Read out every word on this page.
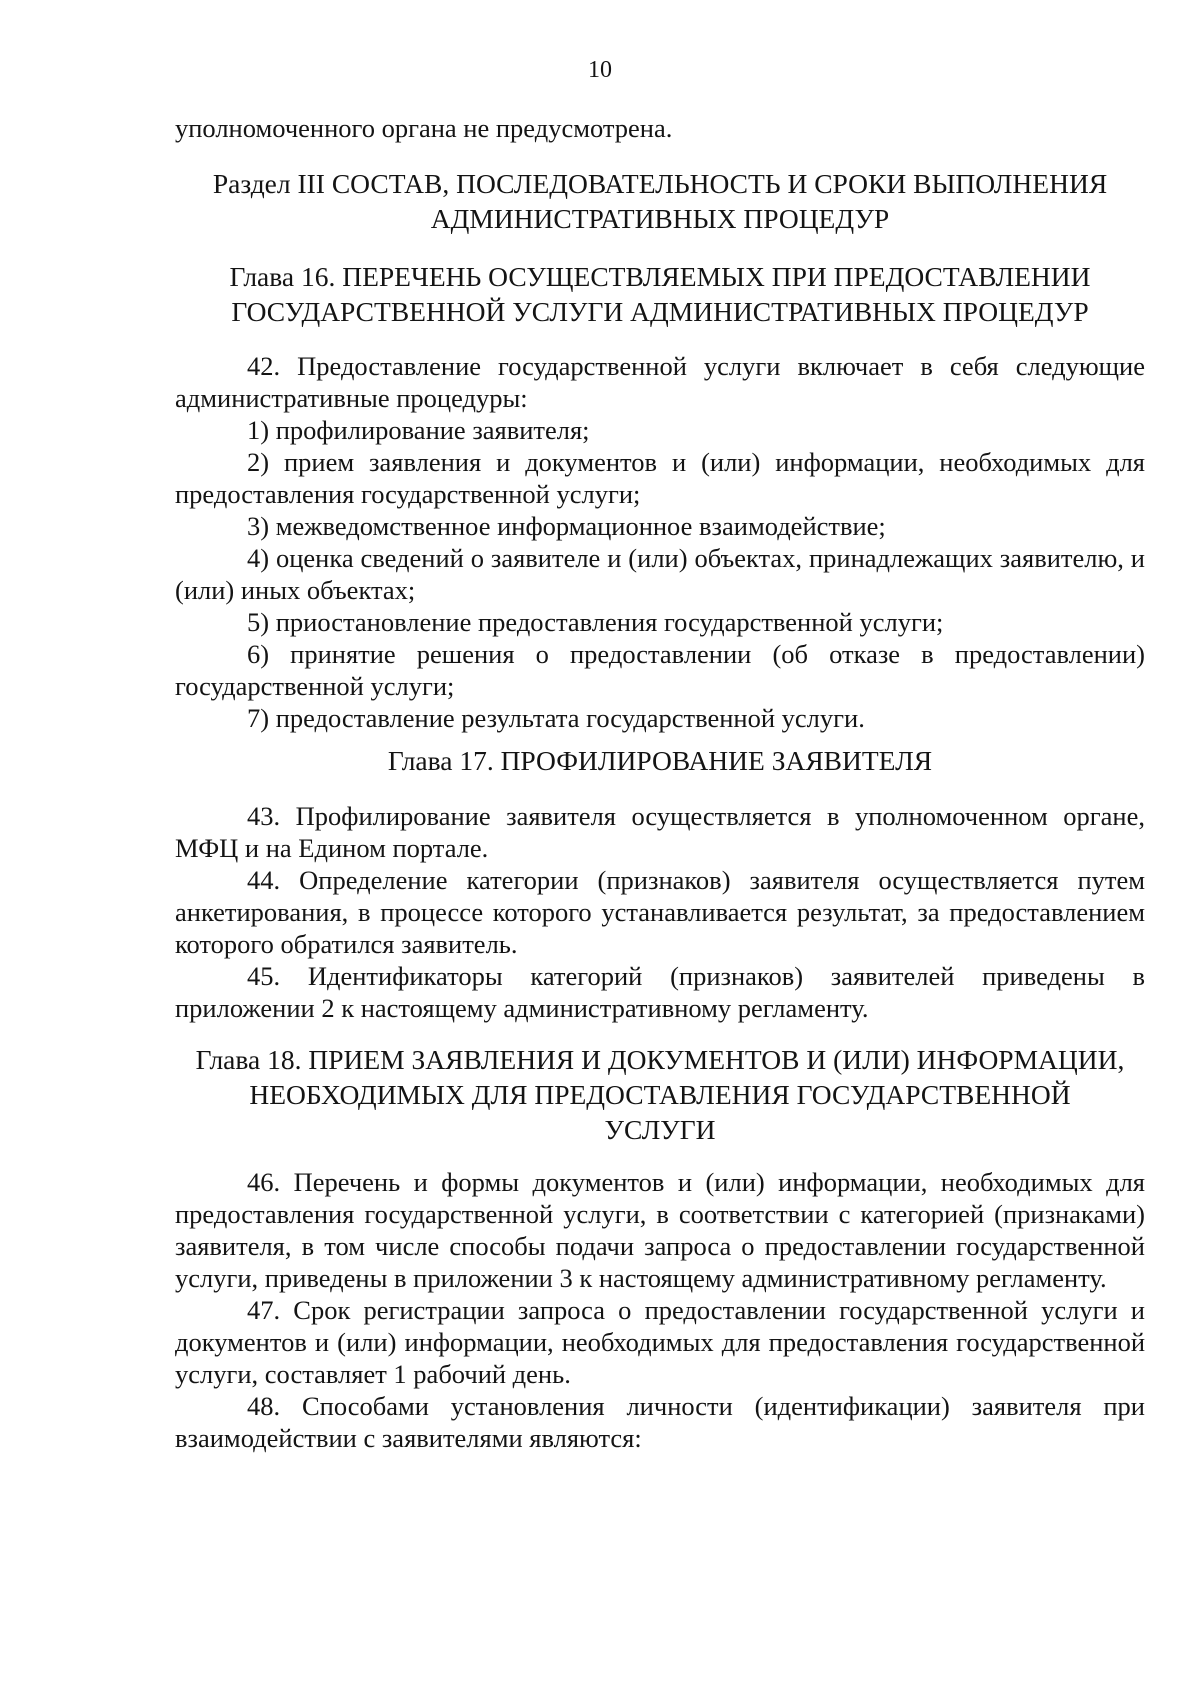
10

уполномоченного органа не предусмотрена.

Раздел III СОСТАВ, ПОСЛЕДОВАТЕЛЬНОСТЬ И СРОКИ ВЫПОЛНЕНИЯ
АДМИНИСТРАТИВНЫХ ПРОЦЕДУР

Глава 16. ПЕРЕЧЕНЬ ОСУЩЕСТВЛЯЕМЫХ ПРИ ПРЕДОСТАВЛЕНИИ
ГОСУДАРСТВЕННОЙ УСЛУГИ АДМИНИСТРАТИВНЫХ ПРОЦЕДУР

42. Предоставление государственной услуги включает в себя следующие административные процедуры:

1) профилирование заявителя;

2) прием заявления и документов и (или) информации, необходимых для предоставления государственной услуги;

3) межведомственное информационное взаимодействие;

4) оценка сведений о заявителе и (или) объектах, принадлежащих заявителю, и (или) иных объектах;

5) приостановление предоставления государственной услуги;

6) принятие решения о предоставлении (об отказе в предоставлении) государственной услуги;

7) предоставление результата государственной услуги.

Глава 17. ПРОФИЛИРОВАНИЕ ЗАЯВИТЕЛЯ

43. Профилирование заявителя осуществляется в уполномоченном органе, МФЦ и на Едином портале.

44. Определение категории (признаков) заявителя осуществляется путем анкетирования, в процессе которого устанавливается результат, за предоставлением которого обратился заявитель.

45. Идентификаторы категорий (признаков) заявителей приведены в приложении 2 к настоящему административному регламенту.

Глава 18. ПРИЕМ ЗАЯВЛЕНИЯ И ДОКУМЕНТОВ И (ИЛИ) ИНФОРМАЦИИ,
НЕОБХОДИМЫХ ДЛЯ ПРЕДОСТАВЛЕНИЯ ГОСУДАРСТВЕННОЙ
УСЛУГИ

46. Перечень и формы документов и (или) информации, необходимых для предоставления государственной услуги, в соответствии с категорией (признаками) заявителя, в том числе способы подачи запроса о предоставлении государственной услуги, приведены в приложении 3 к настоящему административному регламенту.

47. Срок регистрации запроса о предоставлении государственной услуги и документов и (или) информации, необходимых для предоставления государственной услуги, составляет 1 рабочий день.

48. Способами установления личности (идентификации) заявителя при взаимодействии с заявителями являются:
